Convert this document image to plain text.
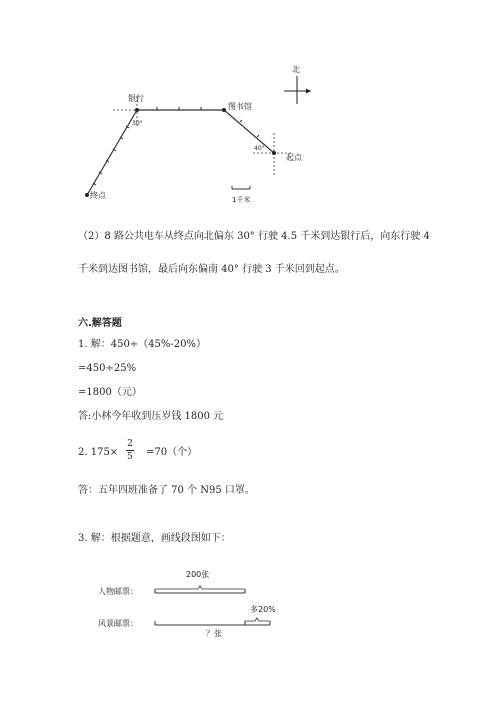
北
银行
图书馆
起点
终点
30°
40°
1千米
（2）8 路公共电车从终点向北偏东 30° 行驶 4.5 千米到达银行后，向东行驶 4
千米到达图书馆，最后向东偏南 40° 行驶 3 千米回到起点。
六.解答题
1. 解：450÷（45%-20%）
=450÷25%
=1800（元）
答:小林今年收到压岁钱 1800 元
2. 175×
2
5	=70（个）
答：五年四班准备了 70 个 N95 口罩。
3. 解：根据题意，画线段图如下：
人物邮票：
风景邮票：
200张
多20%
？张
